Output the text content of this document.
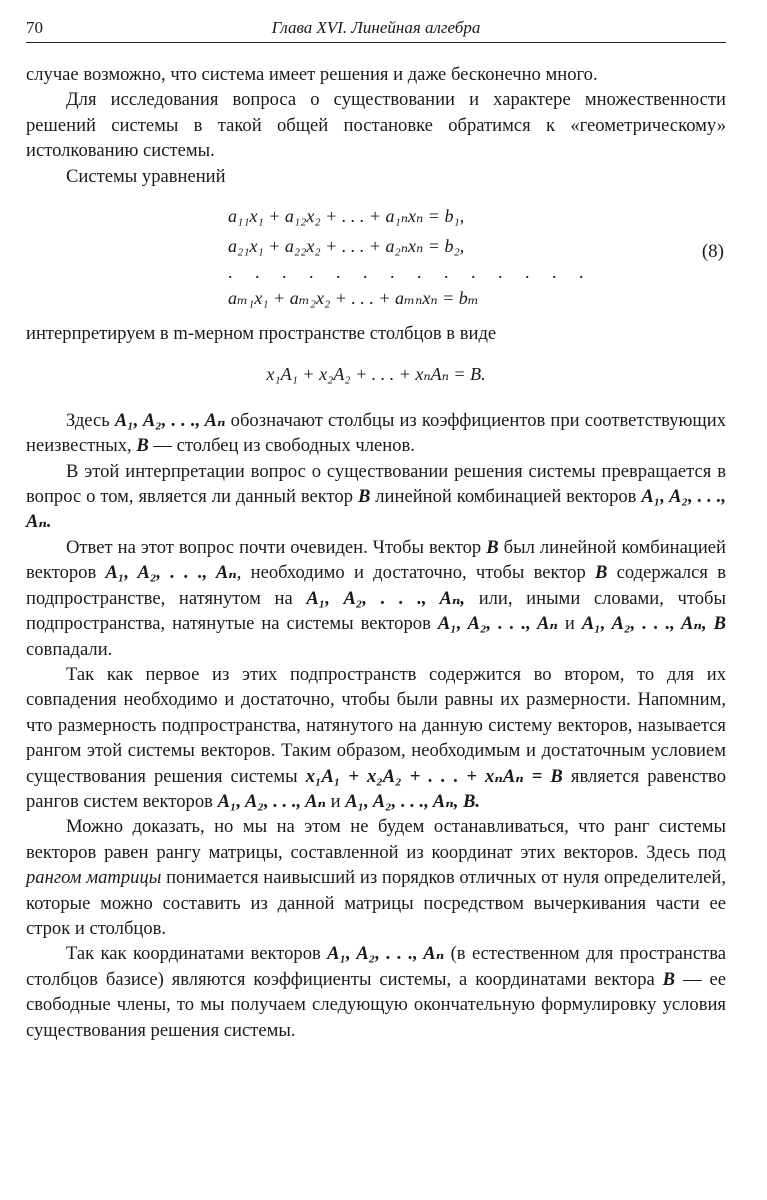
70	Глава XVI. Линейная алгебра

случае возможно, что система имеет решения и даже бесконечно много.

Для исследования вопроса о существовании и характере множественности решений системы в такой общей постановке обратимся к «геометрическому» истолкованию системы.

Системы уравнений

a₁₁x₁ + a₁₂x₂ + . . . + a₁ₙxₙ = b₁,
a₂₁x₁ + a₂₂x₂ + . . . + a₂ₙxₙ = b₂,
. . . . . . . . . . . . . .
aₘ₁x₁ + aₘ₂x₂ + . . . + aₘₙxₙ = bₘ
(8)

интерпретируем в m-мерном пространстве столбцов в виде

x₁A₁ + x₂A₂ + . . . + xₙAₙ = B.

Здесь A₁, A₂, . . ., Aₙ обозначают столбцы из коэффициентов при соответствующих неизвестных, B — столбец из свободных членов.

В этой интерпретации вопрос о существовании решения системы превращается в вопрос о том, является ли данный вектор B линейной комбинацией векторов A₁, A₂, . . ., Aₙ.

Ответ на этот вопрос почти очевиден. Чтобы вектор B был линейной комбинацией векторов A₁, A₂, . . ., Aₙ, необходимо и достаточно, чтобы вектор B содержался в подпространстве, натянутом на A₁, A₂, . . ., Aₙ, или, иными словами, чтобы подпространства, натянутые на системы векторов A₁, A₂, . . ., Aₙ и A₁, A₂, . . ., Aₙ, B совпадали.

Так как первое из этих подпространств содержится во втором, то для их совпадения необходимо и достаточно, чтобы были равны их размерности. Напомним, что размерность подпространства, натянутого на данную систему векторов, называется рангом этой системы векторов. Таким образом, необходимым и достаточным условием существования решения системы x₁A₁ + x₂A₂ + . . . + xₙAₙ = B является равенство рангов систем векторов A₁, A₂, . . ., Aₙ и A₁, A₂, . . ., Aₙ, B.

Можно доказать, но мы на этом не будем останавливаться, что ранг системы векторов равен рангу матрицы, составленной из координат этих векторов. Здесь под рангом матрицы понимается наивысший из порядков отличных от нуля определителей, которые можно составить из данной матрицы посредством вычеркивания части ее строк и столбцов.

Так как координатами векторов A₁, A₂, . . ., Aₙ (в естественном для пространства столбцов базисе) являются коэффициенты системы, а координатами вектора B — ее свободные члены, то мы получаем следующую окончательную формулировку условия существования решения системы.
